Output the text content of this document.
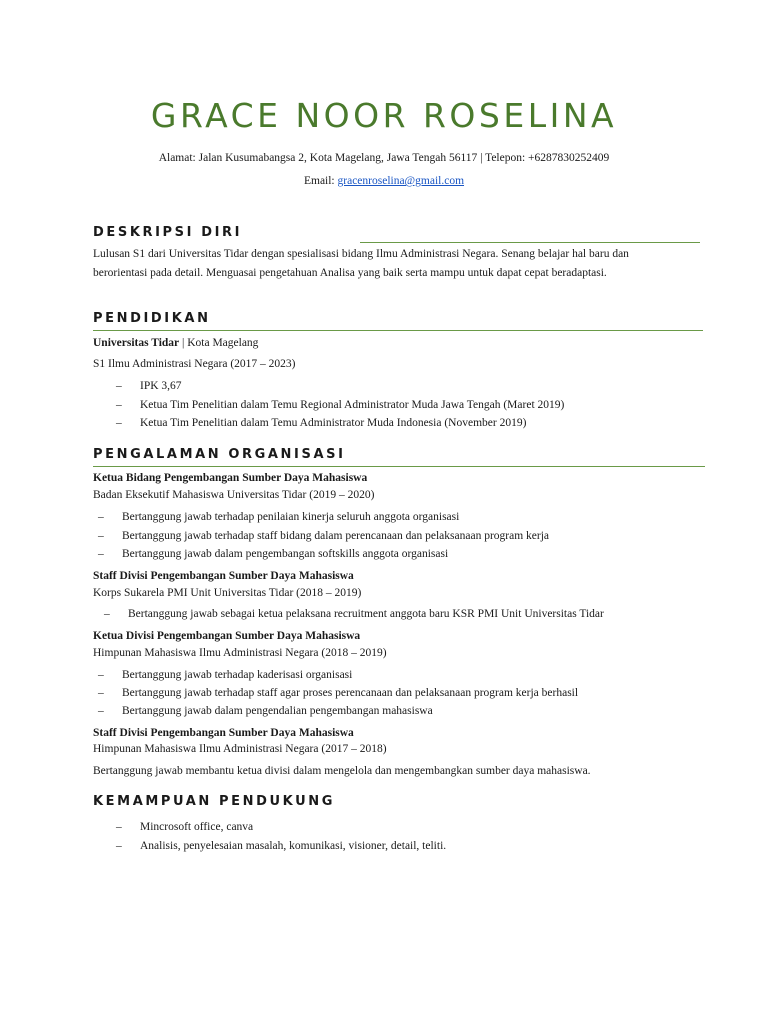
GRACE NOOR ROSELINA
Alamat: Jalan Kusumabangsa 2, Kota Magelang, Jawa Tengah 56117 | Telepon: +6287830252409
Email: gracenroselina@gmail.com
DESKRIPSI DIRI
Lulusan S1 dari Universitas Tidar dengan spesialisasi bidang Ilmu Administrasi Negara. Senang belajar hal baru dan berorientasi pada detail. Menguasai pengetahuan Analisa yang baik serta mampu untuk dapat cepat beradaptasi.
PENDIDIKAN
Universitas Tidar | Kota Magelang
S1 Ilmu Administrasi Negara (2017 – 2023)
– IPK 3,67
– Ketua Tim Penelitian dalam Temu Regional Administrator Muda Jawa Tengah (Maret 2019)
– Ketua Tim Penelitian dalam Temu Administrator Muda Indonesia (November 2019)
PENGALAMAN ORGANISASI
Ketua Bidang Pengembangan Sumber Daya Mahasiswa
Badan Eksekutif Mahasiswa Universitas Tidar (2019 – 2020)
– Bertanggung jawab terhadap penilaian kinerja seluruh anggota organisasi
– Bertanggung jawab terhadap staff bidang dalam perencanaan dan pelaksanaan program kerja
– Bertanggung jawab dalam pengembangan softskills anggota organisasi
Staff Divisi Pengembangan Sumber Daya Mahasiswa
Korps Sukarela PMI Unit Universitas Tidar (2018 – 2019)
– Bertanggung jawab sebagai ketua pelaksana recruitment anggota baru KSR PMI Unit Universitas Tidar
Ketua Divisi Pengembangan Sumber Daya Mahasiswa
Himpunan Mahasiswa Ilmu Administrasi Negara (2018 – 2019)
– Bertanggung jawab terhadap kaderisasi organisasi
– Bertanggung jawab terhadap staff agar proses perencanaan dan pelaksanaan program kerja berhasil
– Bertanggung jawab dalam pengendalian pengembangan mahasiswa
Staff Divisi Pengembangan Sumber Daya Mahasiswa
Himpunan Mahasiswa Ilmu Administrasi Negara (2017 – 2018)
Bertanggung jawab membantu ketua divisi dalam mengelola dan mengembangkan sumber daya mahasiswa.
KEMAMPUAN PENDUKUNG
– Mincrosoft office, canva
– Analisis, penyelesaian masalah, komunikasi, visioner, detail, teliti.
